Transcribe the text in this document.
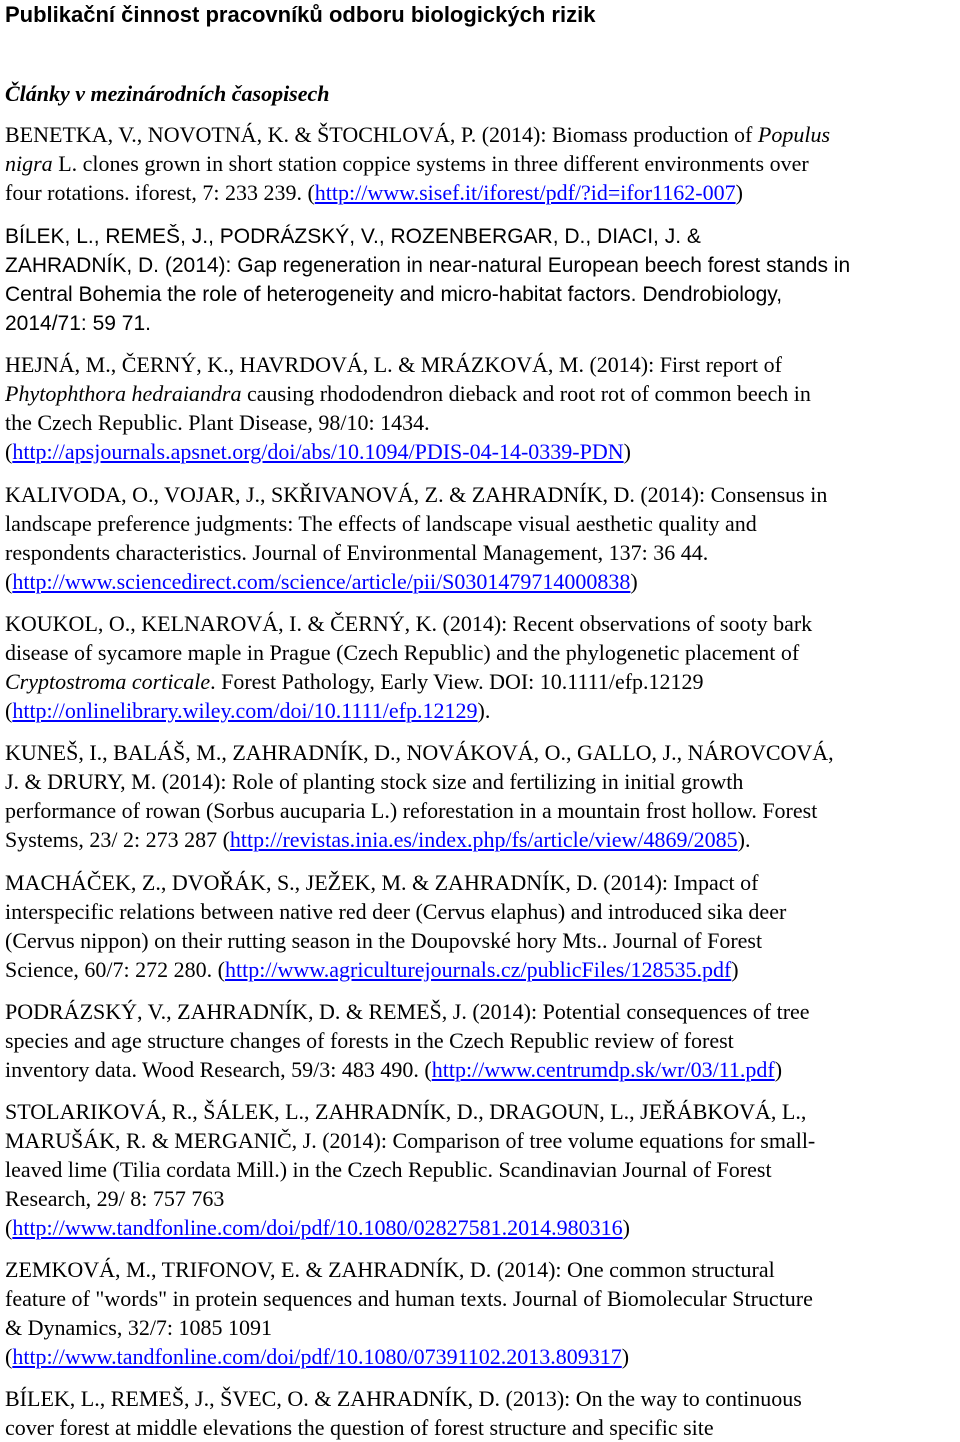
Publikační činnost pracovníků odboru biologických rizik
Články v mezinárodních časopisech
BENETKA, V., NOVOTNÁ, K. & ŠTOCHLOVÁ, P. (2014): Biomass production of Populus
nigra L. clones grown in short station coppice systems in three different environments over
four rotations. iforest, 7: 233 239. (http://www.sisef.it/iforest/pdf/?id=ifor1162-007)
BÍLEK, L., REMEŠ, J., PODRÁZSKÝ, V., ROZENBERGAR, D., DIACI, J. &
ZAHRADNÍK, D. (2014): Gap regeneration in near-natural European beech forest stands in
Central Bohemia the role of heterogeneity and micro-habitat factors. Dendrobiology,
2014/71: 59 71.
HEJNÁ, M., ČERNÝ, K., HAVRDOVÁ, L. & MRÁZKOVÁ, M. (2014): First report of
Phytophthora hedraiandra causing rhododendron dieback and root rot of common beech in
the Czech Republic. Plant Disease, 98/10: 1434.
(http://apsjournals.apsnet.org/doi/abs/10.1094/PDIS-04-14-0339-PDN)
KALIVODA, O., VOJAR, J., SKŘIVANOVÁ, Z. & ZAHRADNÍK, D. (2014): Consensus in
landscape preference judgments: The effects of landscape visual aesthetic quality and
respondents characteristics. Journal of Environmental Management, 137: 36 44.
(http://www.sciencedirect.com/science/article/pii/S0301479714000838)
KOUKOL, O., KELNAROVÁ, I. & ČERNÝ, K. (2014): Recent observations of sooty bark
disease of sycamore maple in Prague (Czech Republic) and the phylogenetic placement of
Cryptostroma corticale. Forest Pathology, Early View. DOI: 10.1111/efp.12129
(http://onlinelibrary.wiley.com/doi/10.1111/efp.12129).
KUNEŠ, I., BALÁŠ, M., ZAHRADNÍK, D., NOVÁKOVÁ, O., GALLO, J., NÁROVCOVÁ,
J. & DRURY, M. (2014): Role of planting stock size and fertilizing in initial growth
performance of rowan (Sorbus aucuparia L.) reforestation in a mountain frost hollow. Forest
Systems, 23/ 2: 273 287 (http://revistas.inia.es/index.php/fs/article/view/4869/2085).
MACHÁČEK, Z., DVOŘÁK, S., JEŽEK, M. & ZAHRADNÍK, D. (2014): Impact of
interspecific relations between native red deer (Cervus elaphus) and introduced sika deer
(Cervus nippon) on their rutting season in the Doupovské hory Mts.. Journal of Forest
Science, 60/7: 272 280. (http://www.agriculturejournals.cz/publicFiles/128535.pdf)
PODRÁZSKÝ, V., ZAHRADNÍK, D. & REMEŠ, J. (2014): Potential consequences of tree
species and age structure changes of forests in the Czech Republic review of forest
inventory data. Wood Research, 59/3: 483 490. (http://www.centrumdp.sk/wr/03/11.pdf)
STOLARIKOVÁ, R., ŠÁLEK, L., ZAHRADNÍK, D., DRAGOUN, L., JEŘÁBKOVÁ, L.,
MARUŠÁK, R. & MERGANIČ, J. (2014): Comparison of tree volume equations for small-
leaved lime (Tilia cordata Mill.) in the Czech Republic. Scandinavian Journal of Forest
Research, 29/ 8: 757 763
(http://www.tandfonline.com/doi/pdf/10.1080/02827581.2014.980316)
ZEMKOVÁ, M., TRIFONOV, E. & ZAHRADNÍK, D. (2014): One common structural
feature of "words" in protein sequences and human texts. Journal of Biomolecular Structure
& Dynamics, 32/7: 1085 1091
(http://www.tandfonline.com/doi/pdf/10.1080/07391102.2013.809317)
BÍLEK, L., REMEŠ, J., ŠVEC, O. & ZAHRADNÍK, D. (2013): On the way to continuous
cover forest at middle elevations the question of forest structure and specific site
